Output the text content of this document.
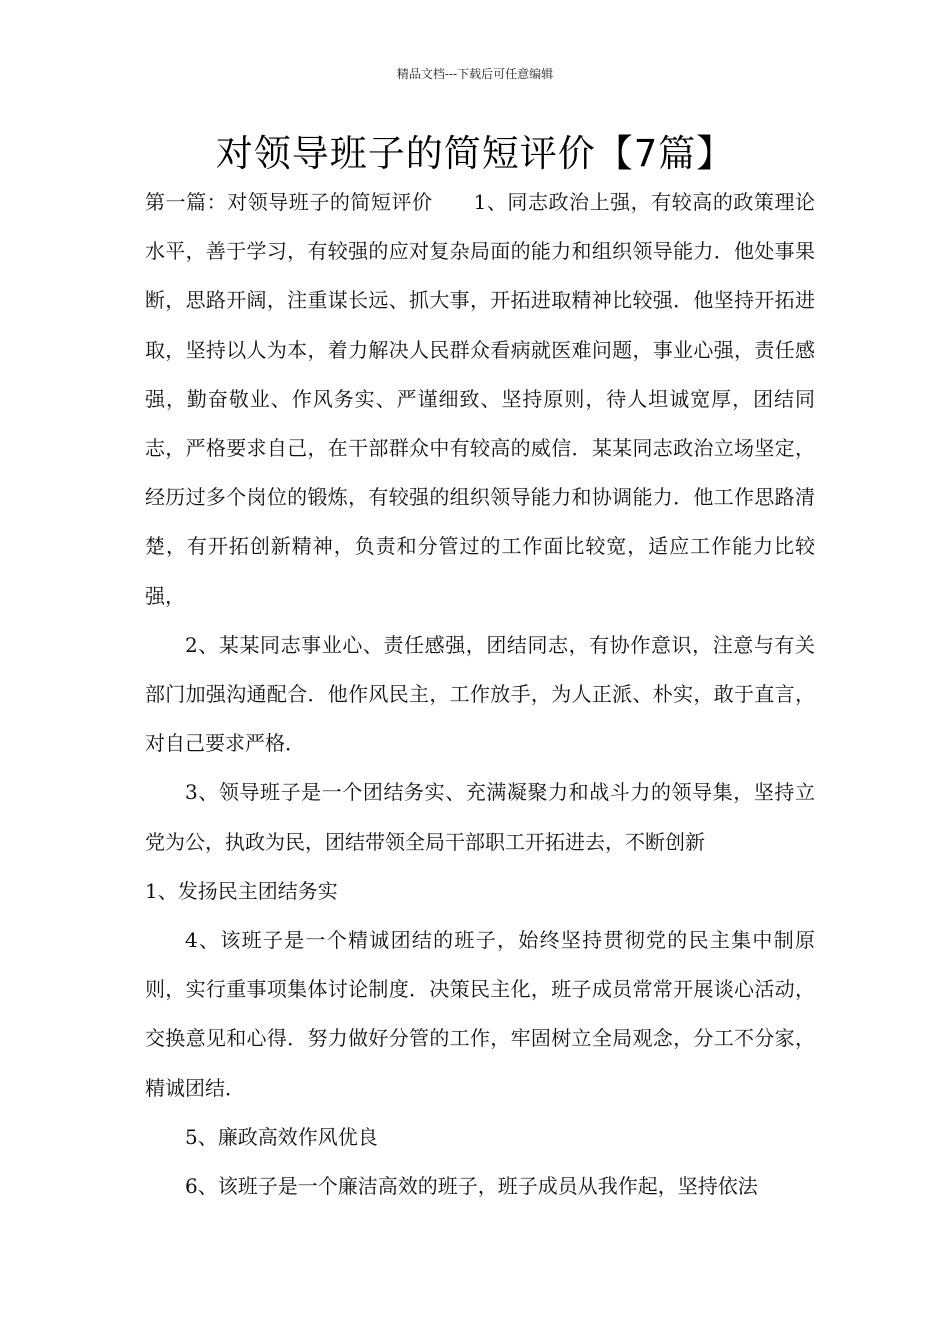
精品文档---下载后可任意编辑
对领导班子的简短评价【7篇】

第一篇：对领导班子的简短评价　　1、同志政治上强，有较高的政策理论水平，善于学习，有较强的应对复杂局面的能力和组织领导能力．他处事果断，思路开阔，注重谋长远、抓大事，开拓进取精神比较强．他坚持开拓进取，坚持以人为本，着力解决人民群众看病就医难问题，事业心强，责任感强，勤奋敬业、作风务实、严谨细致、坚持原则，待人坦诚宽厚，团结同志，严格要求自己，在干部群众中有较高的威信．某某同志政治立场坚定，经历过多个岗位的锻炼，有较强的组织领导能力和协调能力．他工作思路清楚，有开拓创新精神，负责和分管过的工作面比较宽，适应工作能力比较强，

2、某某同志事业心、责任感强，团结同志，有协作意识，注意与有关部门加强沟通配合．他作风民主，工作放手，为人正派、朴实，敢于直言，对自己要求严格．

3、领导班子是一个团结务实、充满凝聚力和战斗力的领导集，坚持立党为公，执政为民，团结带领全局干部职工开拓进去，不断创新

1、发扬民主团结务实

4、该班子是一个精诚团结的班子，始终坚持贯彻党的民主集中制原则，实行重事项集体讨论制度．决策民主化，班子成员常常开展谈心活动，交换意见和心得．努力做好分管的工作，牢固树立全局观念，分工不分家，精诚团结．

5、廉政高效作风优良

6、该班子是一个廉洁高效的班子，班子成员从我作起，坚持依法
